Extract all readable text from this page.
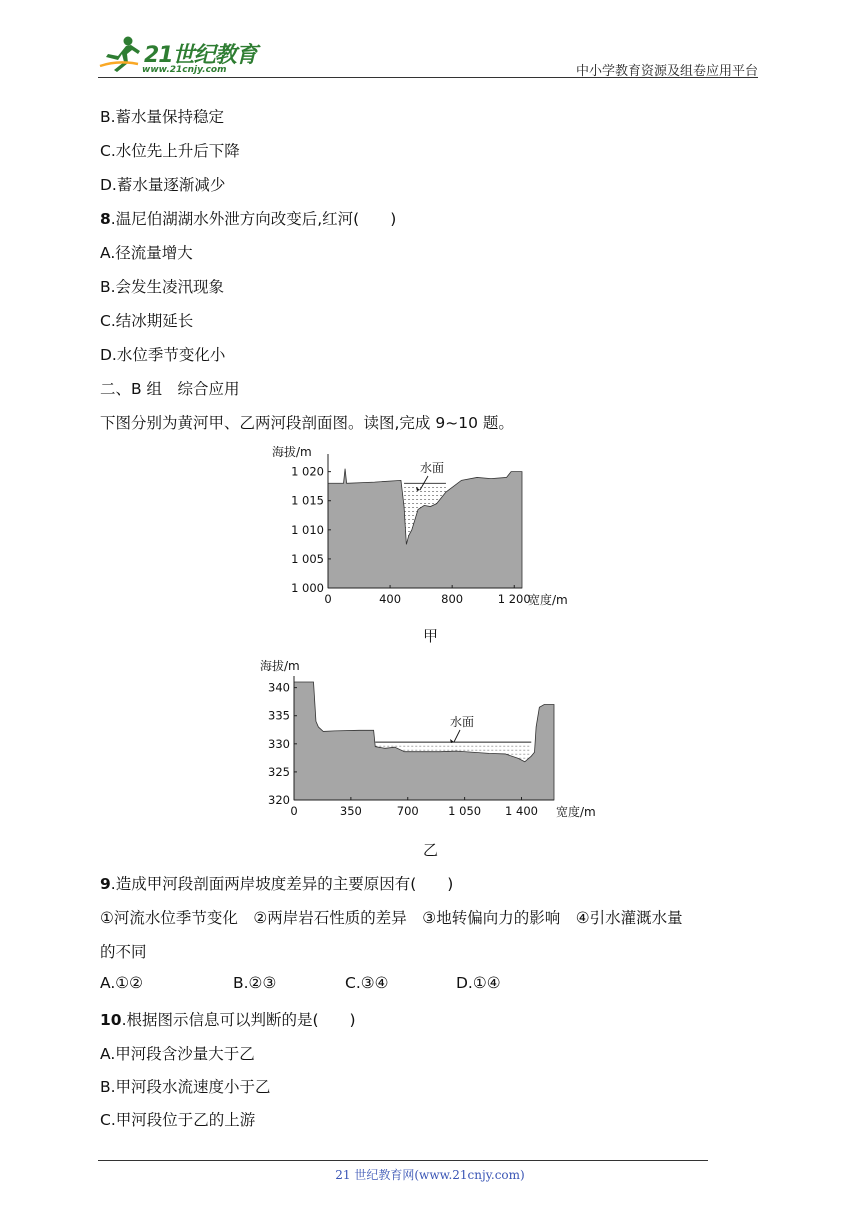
21世纪教育
www.21cnjy.com	中小学教育资源及组卷应用平台
B.蓄水量保持稳定
C.水位先上升后下降
D.蓄水量逐渐减少
8.温尼伯湖湖水外泄方向改变后,红河(　　)
A.径流量增大
B.会发生凌汛现象
C.结冰期延长
D.水位季节变化小
二、B 组　综合应用
下图分别为黄河甲、乙两河段剖面图。读图,完成 9~10 题。
海拔/m
1 000
1 005
1 010
1 015
1 020
0	400	800	1 200
水面
宽度/m
甲
海拔/m
320
325
330
335
340
0	350	700	1 050 1 400
水面
宽度/m
乙
9.造成甲河段剖面两岸坡度差异的主要原因有(　　)
①河流水位季节变化　②两岸岩石性质的差异　③地转偏向力的影响　④引水灌溉水量
的不同
A.①②	B.②③	C.③④	D.①④
10.根据图示信息可以判断的是(　　)
A.甲河段含沙量大于乙
B.甲河段水流速度小于乙
C.甲河段位于乙的上游
21 世纪教育网(www.21cnjy.com)
